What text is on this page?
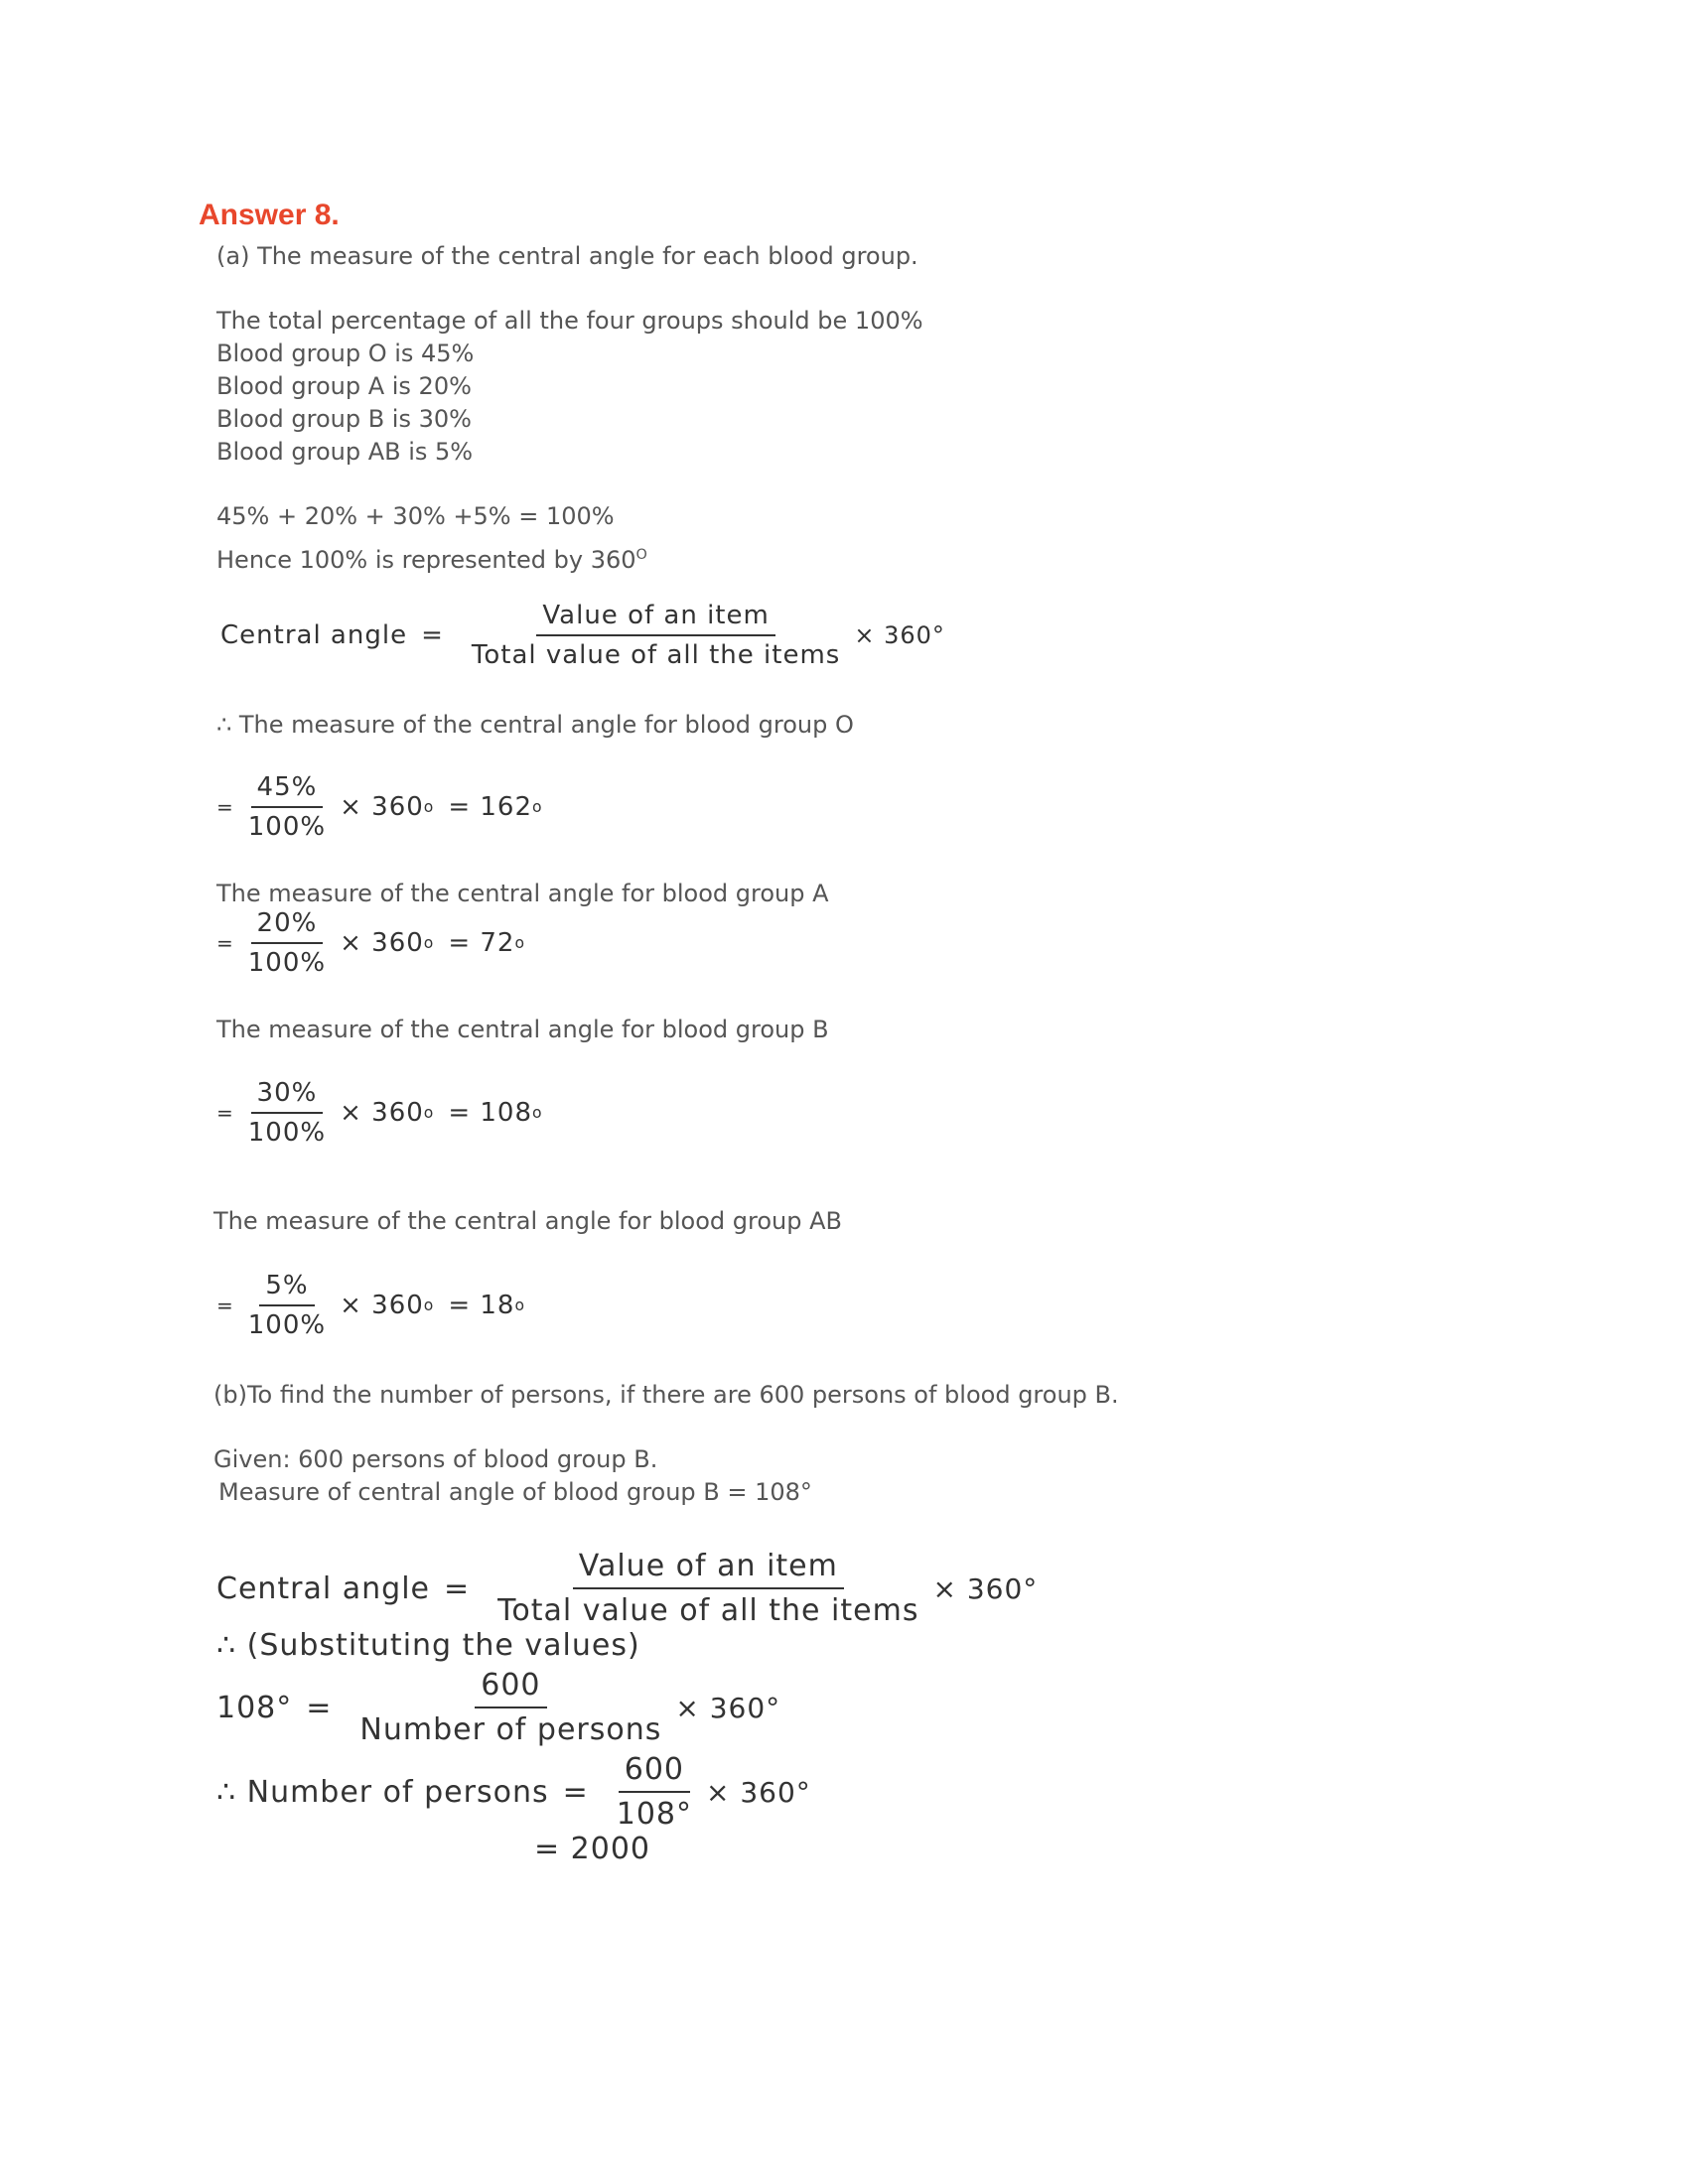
Answer 8.
(a) The measure of the central angle for each blood group.
The total percentage of all the four groups should be 100%
Blood group O is 45%
Blood group A is 20%
Blood group B is 30%
Blood group AB is 5%
45% + 20% + 30% +5% = 100%
Hence 100% is represented by $360^O$
Central angle = $\frac{\text{Value of an item}}{\text{Total value of all the items}} \times 360^\circ$
∴ The measure of the central angle for blood group O
= $\frac{45\%}{100\%} \times 360$ o = 162 o
The measure of the central angle for blood group A
= $\frac{20\%}{100\%} \times 360$ o = 72 o
The measure of the central angle for blood group B
= $\frac{30\%}{100\%} \times 360$ o = 108 o
The measure of the central angle for blood group AB
= $\frac{5\%}{100\%} \times 360$ o = 18 o
(b)To find the number of persons, if there are 600 persons of blood group B.
Given: 600 persons of blood group B.
Measure of central angle of blood group B = 108°
Central angle = $\frac{\text{Value of an item}}{\text{Total value of all the items}} \times 360^\circ$
∴ (Substituting the values)
$108^\circ = \frac{600}{\text{Number of persons}} \times 360^\circ$
∴ Number of persons = $\frac{600}{108^\circ} \times 360^\circ$
= 2000
